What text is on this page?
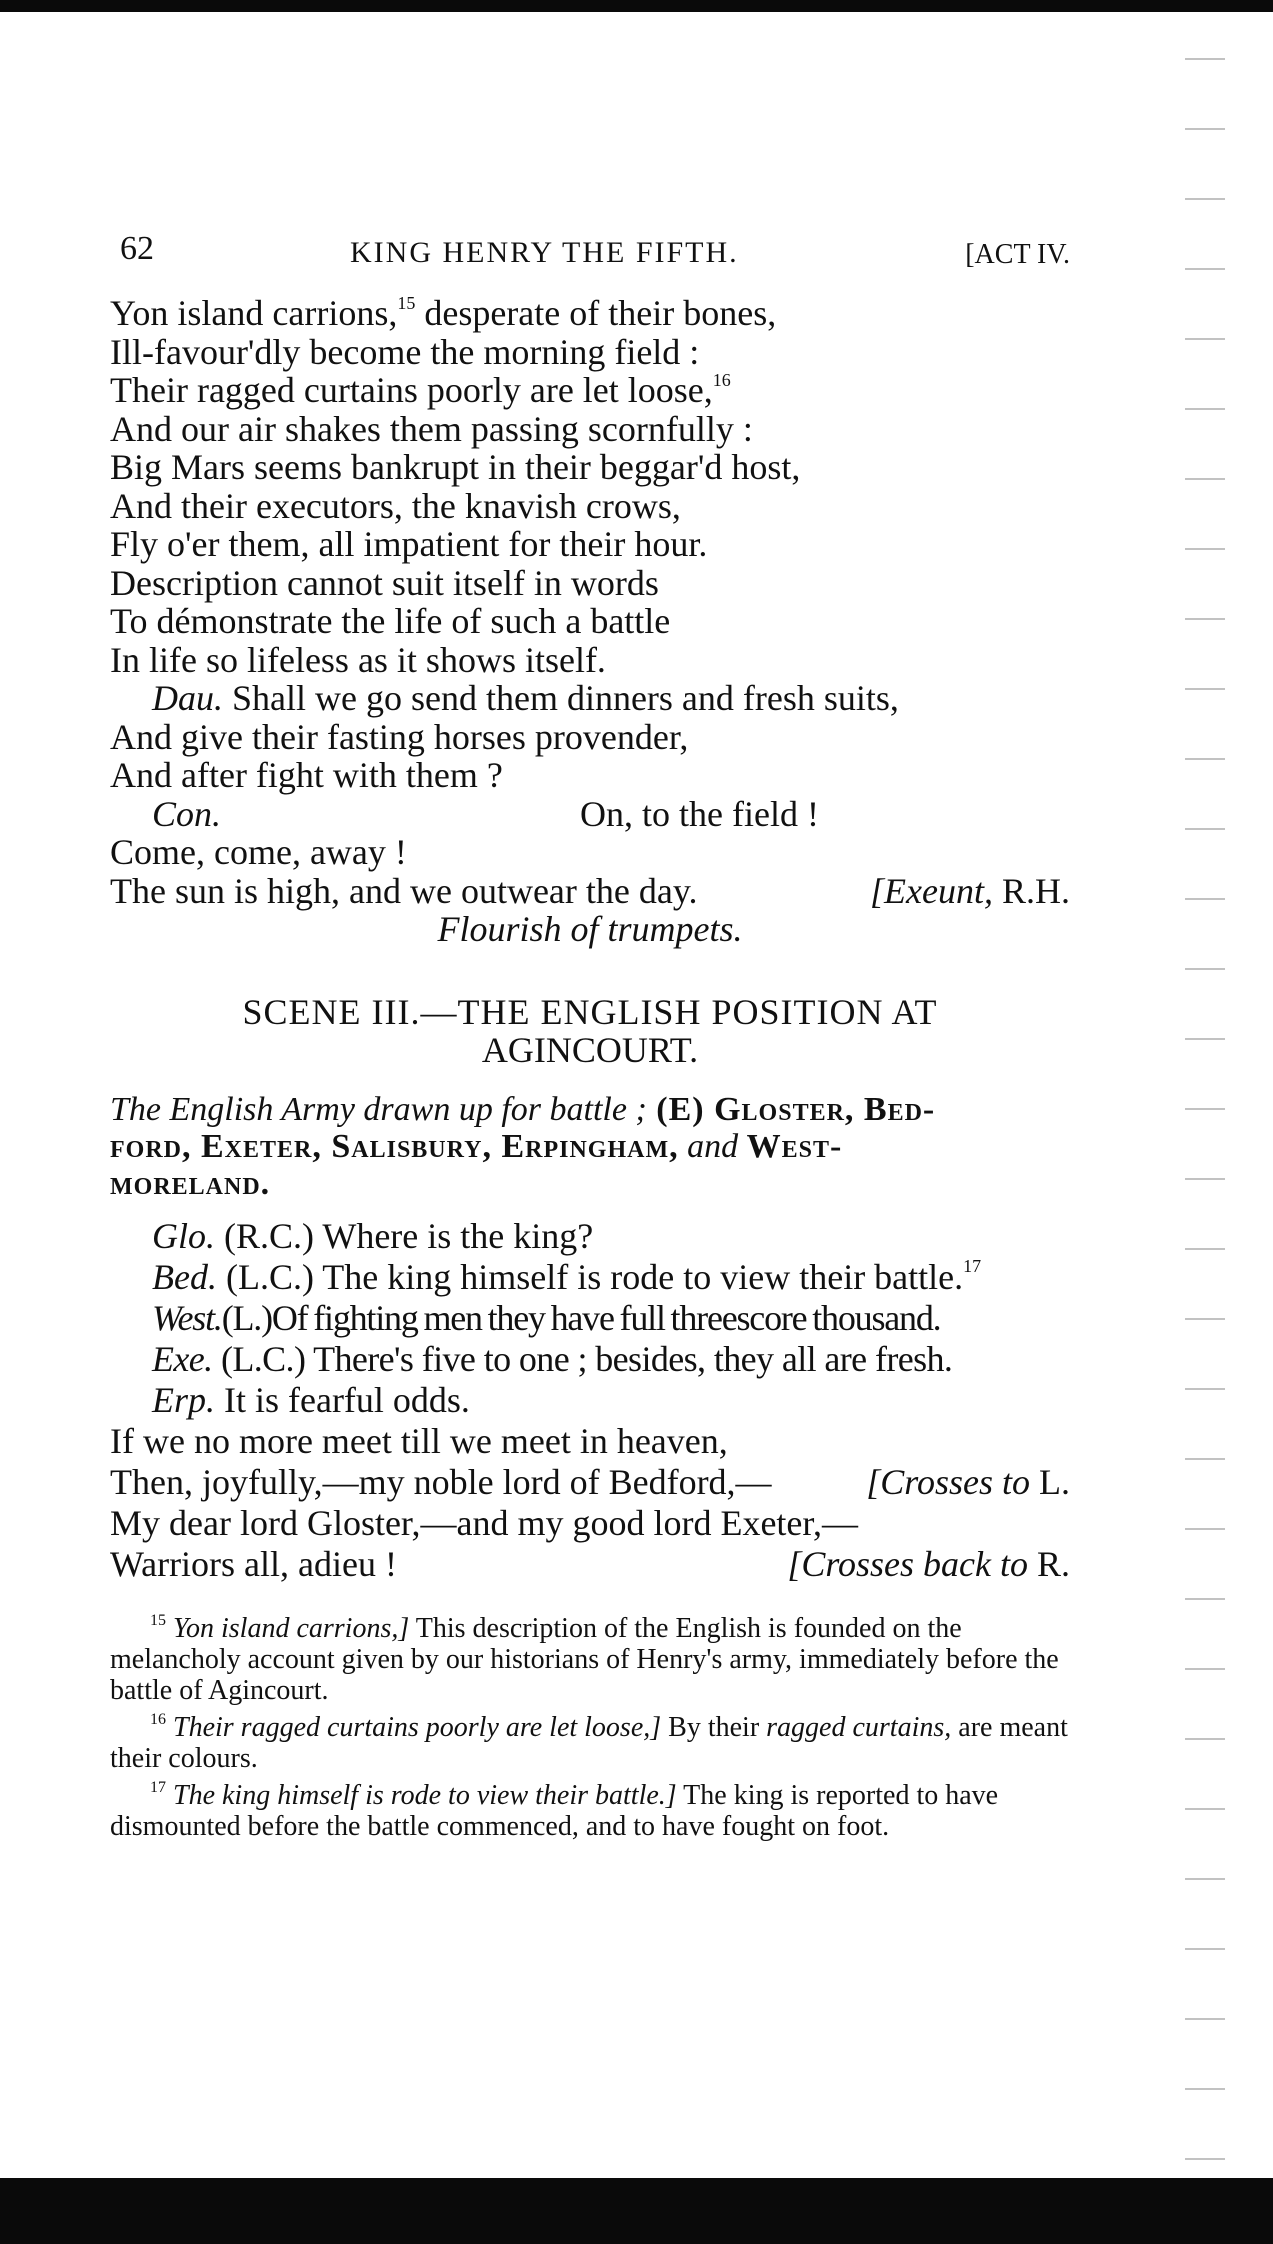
62	KING HENRY THE FIFTH.	[ACT IV.
Yon island carrions,$^{15}$ desperate of their bones,
Ill-favour'dly become the morning field :
Their ragged curtains poorly are let loose,$^{16}$
And our air shakes them passing scornfully :
Big Mars seems bankrupt in their beggar'd host,
And their executors, the knavish crows,
Fly o'er them, all impatient for their hour.
Description cannot suit itself in words
To démonstrate the life of such a battle
In life so lifeless as it shows itself.
Dau. Shall we go send them dinners and fresh suits,
And give their fasting horses provender,
And after fight with them ?
Con.	On, to the field !
Come, come, away !
The sun is high, and we outwear the day.	[Exeunt, R.H.
Flourish of trumpets.
SCENE III.—THE ENGLISH POSITION AT
AGINCOURT.
The English Army drawn up for battle ; (E) Gloster, Bed-
ford, Exeter, Salisbury, Erpingham, and West-
moreland.
Glo. (R.C.) Where is the king?
Bed. (L.C.) The king himself is rode to view their battle.$^{17}$
West.(L.)Of fighting men they have full threescore thousand.
Exe. (L.C.) There's five to one ; besides, they all are fresh.
Erp. It is fearful odds.
If we no more meet till we meet in heaven,
Then, joyfully,—my noble lord of Bedford,—	[Crosses to L.
My dear lord Gloster,—and my good lord Exeter,—
Warriors all, adieu !	[Crosses back to R.
$^{15}$ Yon island carrions,] This description of the English is founded on the melancholy account given by our historians of Henry's army, immediately before the battle of Agincourt.
$^{16}$ Their ragged curtains poorly are let loose,] By their ragged curtains, are meant their colours.
$^{17}$ The king himself is rode to view their battle.] The king is reported to have dismounted before the battle commenced, and to have fought on foot.
